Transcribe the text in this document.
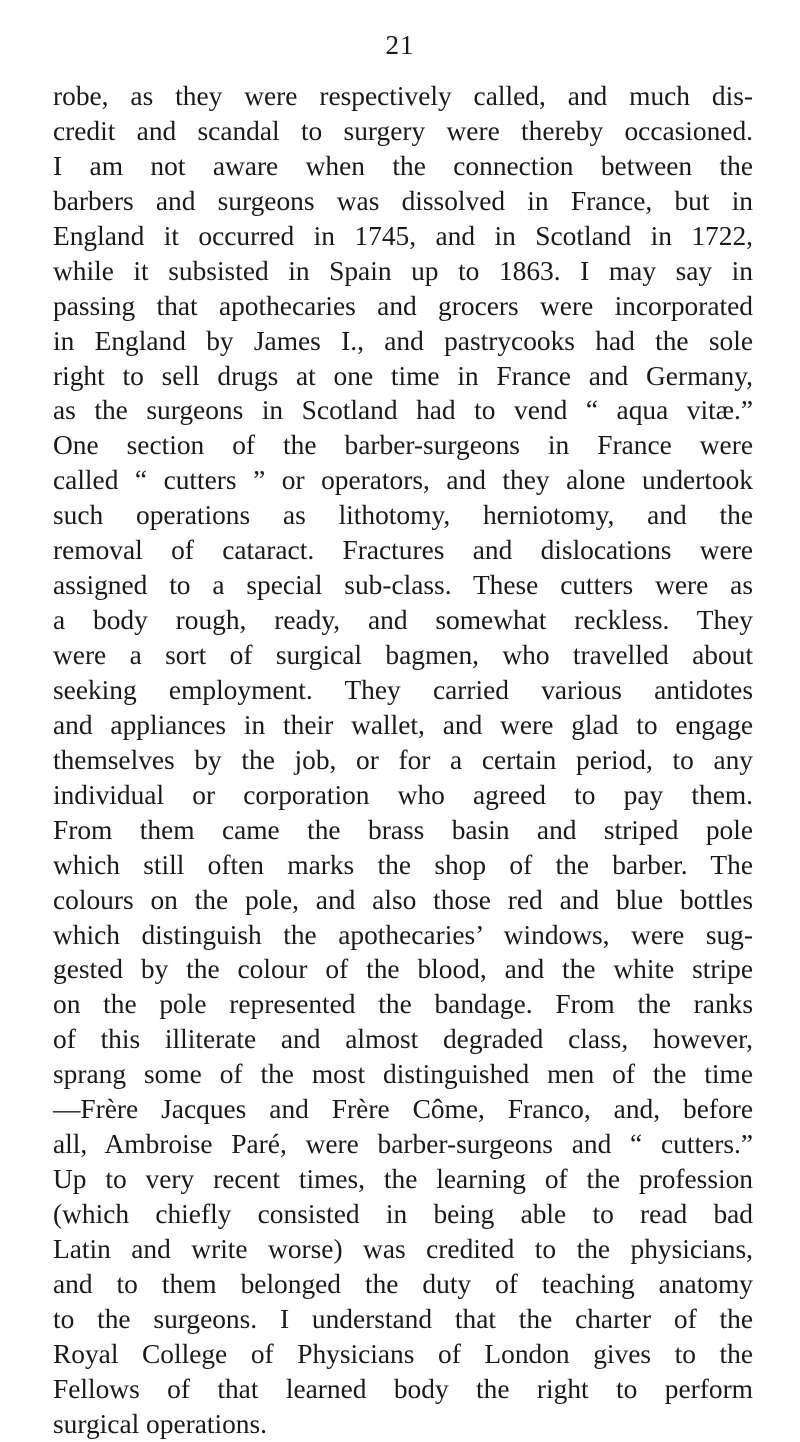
21
robe, as they were respectively called, and much dis-
credit and scandal to surgery were thereby occasioned.
I am not aware when the connection between the
barbers and surgeons was dissolved in France, but in
England it occurred in 1745, and in Scotland in 1722,
while it subsisted in Spain up to 1863. I may say in
passing that apothecaries and grocers were incorporated
in England by James I., and pastrycooks had the sole
right to sell drugs at one time in France and Germany,
as the surgeons in Scotland had to vend “ aqua vitæ.”
One section of the barber-surgeons in France were
called “ cutters ” or operators, and they alone undertook
such operations as lithotomy, herniotomy, and the
removal of cataract. Fractures and dislocations were
assigned to a special sub-class. These cutters were as
a body rough, ready, and somewhat reckless. They
were a sort of surgical bagmen, who travelled about
seeking employment. They carried various antidotes
and appliances in their wallet, and were glad to engage
themselves by the job, or for a certain period, to any
individual or corporation who agreed to pay them.
From them came the brass basin and striped pole
which still often marks the shop of the barber. The
colours on the pole, and also those red and blue bottles
which distinguish the apothecaries’ windows, were sug-
gested by the colour of the blood, and the white stripe
on the pole represented the bandage. From the ranks
of this illiterate and almost degraded class, however,
sprang some of the most distinguished men of the time
—Frère Jacques and Frère Côme, Franco, and, before
all, Ambroise Paré, were barber-surgeons and “ cutters.”
Up to very recent times, the learning of the profession
(which chiefly consisted in being able to read bad
Latin and write worse) was credited to the physicians,
and to them belonged the duty of teaching anatomy
to the surgeons. I understand that the charter of the
Royal College of Physicians of London gives to the
Fellows of that learned body the right to perform
surgical operations.
